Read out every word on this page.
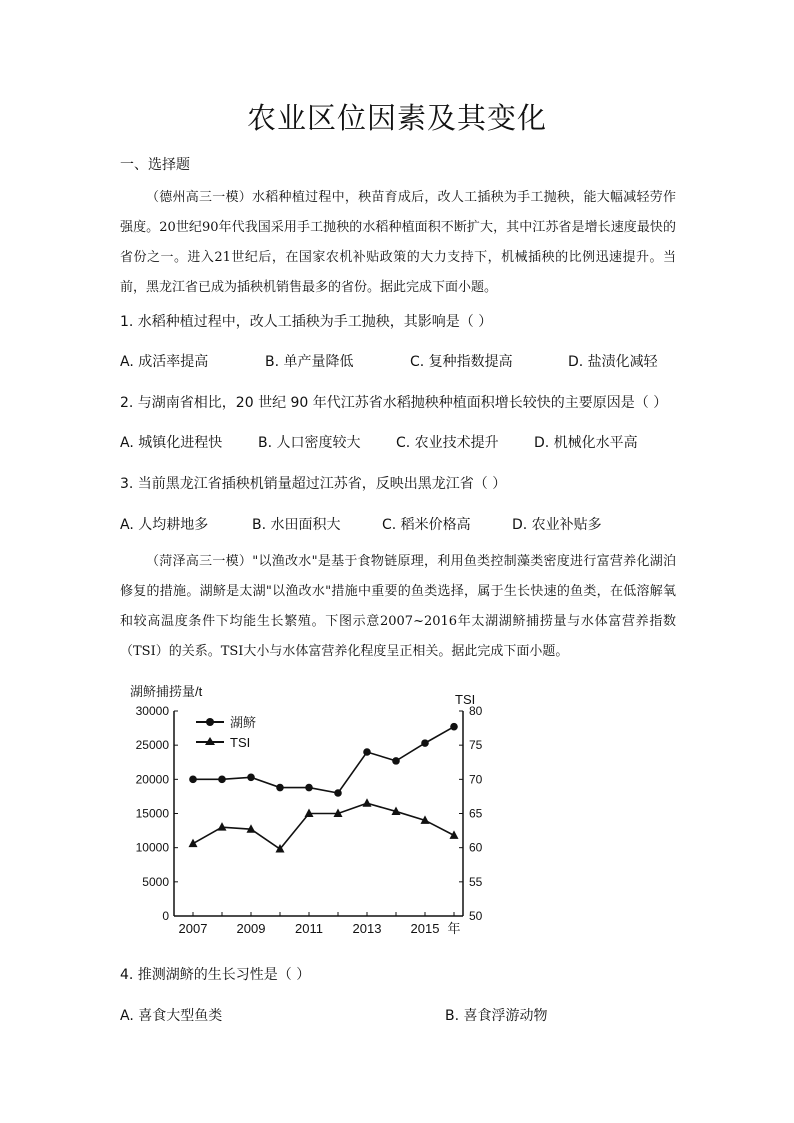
农业区位因素及其变化
一、选择题
（德州高三一模）水稻种植过程中，秧苗育成后，改人工插秧为手工抛秧，能大幅减轻劳作强度。20世纪90年代我国采用手工抛秧的水稻种植面积不断扩大，其中江苏省是增长速度最快的省份之一。进入21世纪后，在国家农机补贴政策的大力支持下，机械插秧的比例迅速提升。当前，黑龙江省已成为插秧机销售最多的省份。据此完成下面小题。
1. 水稻种植过程中，改人工插秧为手工抛秧，其影响是（ ）
A. 成活率提高	B. 单产量降低	C. 复种指数提高	D. 盐渍化减轻
2. 与湖南省相比，20 世纪 90 年代江苏省水稻抛秧种植面积增长较快的主要原因是（ ）
A. 城镇化进程快	B. 人口密度较大	C. 农业技术提升	D. 机械化水平高
3. 当前黑龙江省插秧机销量超过江苏省，反映出黑龙江省（ ）
A. 人均耕地多	B. 水田面积大	C. 稻米价格高	D. 农业补贴多
（菏泽高三一模）"以渔改水"是基于食物链原理，利用鱼类控制藻类密度进行富营养化湖泊修复的措施。湖鲚是太湖"以渔改水"措施中重要的鱼类选择，属于生长快速的鱼类，在低溶解氧和较高温度条件下均能生长繁殖。下图示意2007~2016年太湖湖鲚捕捞量与水体富营养指数（TSI）的关系。TSI大小与水体富营养化程度呈正相关。据此完成下面小题。
湖鲚捕捞量/t
TSI
0
5000
10000
15000
20000
25000
30000
50
55
60
65
70
75
80
2007 2009 2011 2013 2015 年
湖鲚
TSI
4. 推测湖鲚的生长习性是（ ）
A. 喜食大型鱼类	B. 喜食浮游动物
